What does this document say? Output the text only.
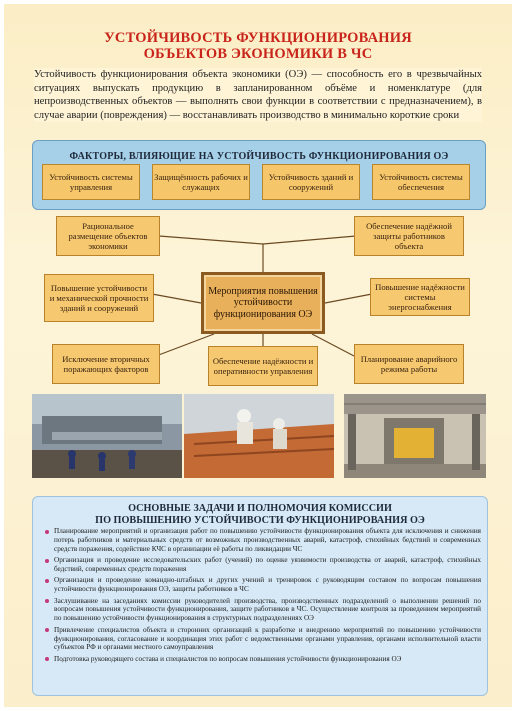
УСТОЙЧИВОСТЬ ФУНКЦИОНИРОВАНИЯ
ОБЪЕКТОВ ЭКОНОМИКИ В ЧС
Устойчивость функционирования объекта экономики (ОЭ) — способность его в чрезвычайных ситуациях выпускать продукцию в запланированном объёме и номенклатуре (для непроизводственных объектов — выполнять свои функции в соответствии с предназначением), в случае аварии (повреждения) — восстанавливать производство в минимально короткие сроки
ФАКТОРЫ, ВЛИЯЮЩИЕ НА УСТОЙЧИВОСТЬ ФУНКЦИОНИРОВАНИЯ ОЭ
Устойчивость системы управления
Защищённость рабочих и служащих
Устойчивость зданий и сооружений
Устойчивость системы обеспечения
Рациональное размещение объектов экономики
Обеспечение надёжной защиты работников объекта
Повышение устойчивости и механической прочности зданий и сооружений
Повышение надёжности системы энергоснабжения
Исключение вторичных поражающих факторов
Обеспечение надёжности и оперативности управления
Планирование аварийного режима работы
Мероприятия повышения устойчивости функционирования ОЭ
ОСНОВНЫЕ ЗАДАЧИ И ПОЛНОМОЧИЯ КОМИССИИ
ПО ПОВЫШЕНИЮ УСТОЙЧИВОСТИ ФУНКЦИОНИРОВАНИЯ ОЭ
Планирование мероприятий и организация работ по повышению устойчивости функционирования объекта для исключения и снижения потерь работников и материальных средств от возможных производственных аварий, катастроф, стихийных бедствий и современных средств поражения, содействие КЧС в организации её работы по ликвидации ЧС
Организация и проведение исследовательских работ (учений) по оценке уязвимости производства от аварий, катастроф, стихийных бедствий, современных средств поражения
Организация и проведение командно-штабных и других учений и тренировок с руководящим составом по вопросам повышения устойчивости функционирования ОЭ, защиты работников в ЧС
Заслушивание на заседаниях комиссии руководителей производства, производственных подразделений о выполнении решений по вопросам повышения устойчивости функционирования, защите работников в ЧС. Осуществление контроля за проведением мероприятий по повышению устойчивости функционирования в структурных подразделениях ОЭ
Привлечение специалистов объекта и сторонних организаций к разработке и внедрению мероприятий по повышению устойчивости функционирования, согласование и координация этих работ с ведомственными органами управления, органами исполнительной власти субъектов РФ и органами местного самоуправления
Подготовка руководящего состава и специалистов по вопросам повышения устойчивости функционирования ОЭ
